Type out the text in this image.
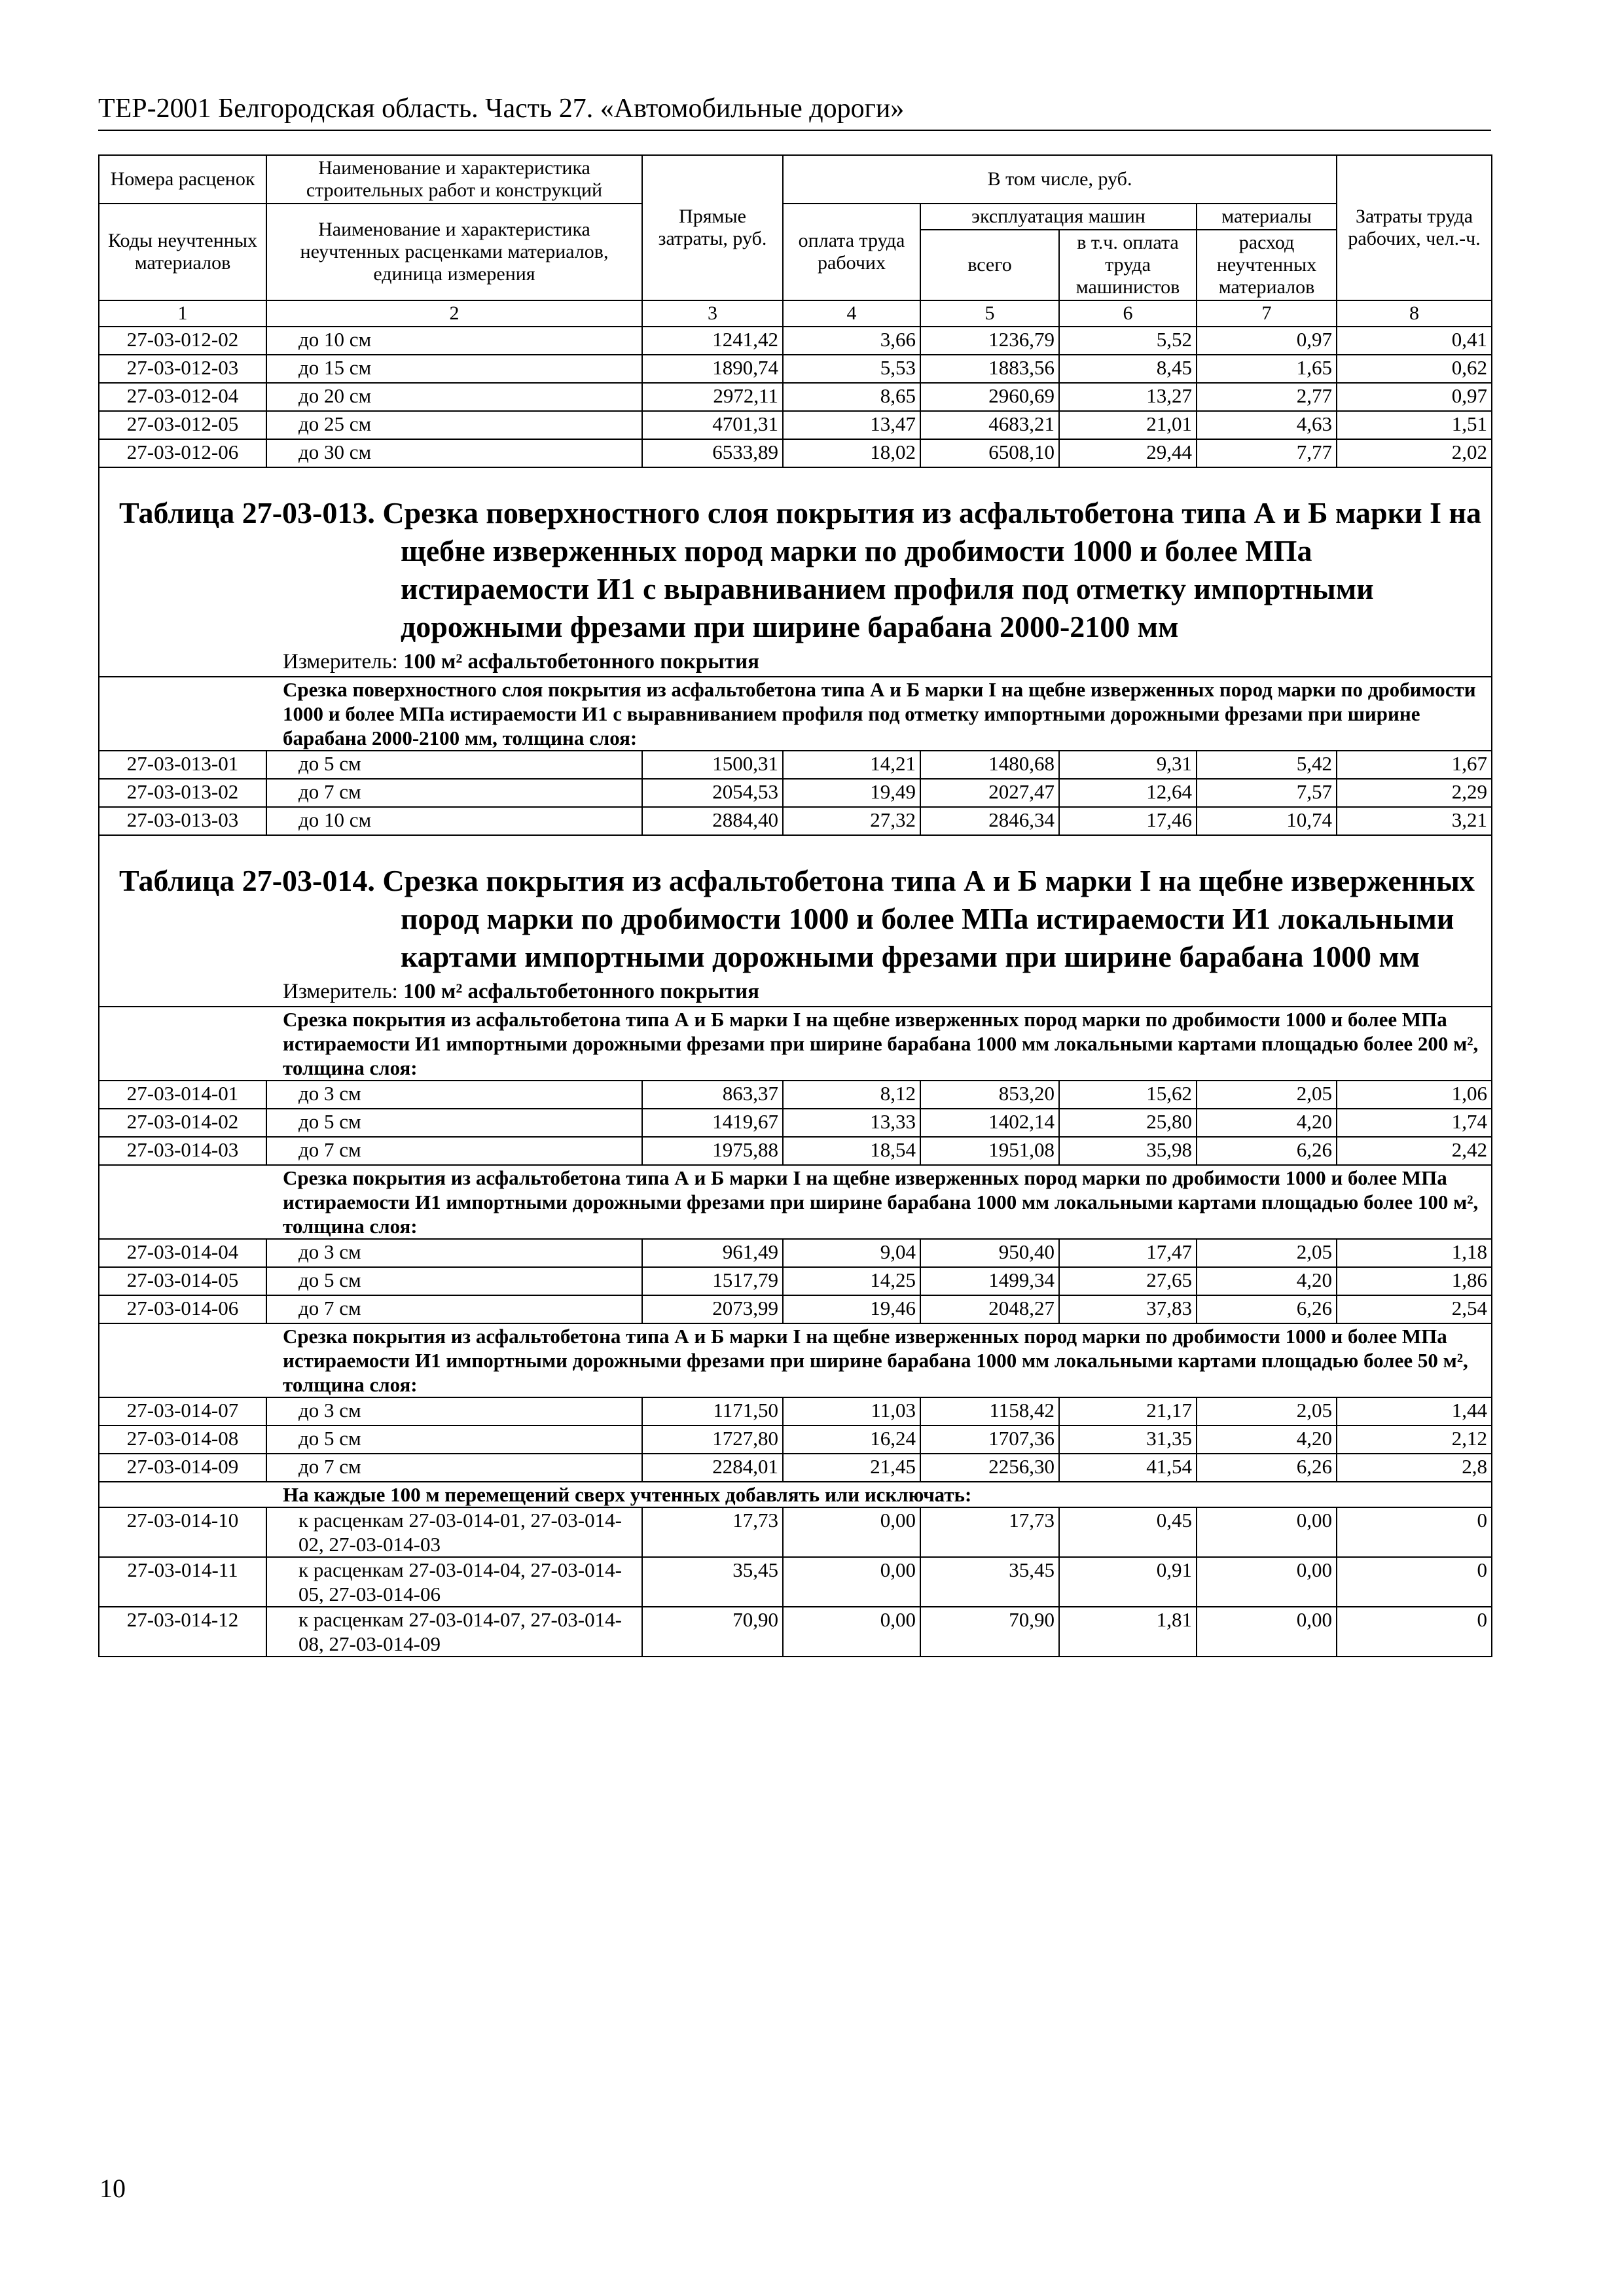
ТЕР-2001 Белгородская область. Часть 27. «Автомобильные дороги»
Номера расценок	Наименование и характеристика строительных работ и конструкций	Прямые затраты, руб.	В том числе, руб.				Затраты труда рабочих, чел.-ч.
Коды неучтенных материалов	Наименование и характеристика неучтенных расценками материалов, единица измерения		оплата труда рабочих	эксплуатация машин		материалы	
				всего	в т.ч. оплата труда машинистов	расход неучтенных материалов	

1	2	3	4	5	6	7	8
27-03-012-02	до 10 см	1241,42	3,66	1236,79	5,52	0,97	0,41
27-03-012-03	до 15 см	1890,74	5,53	1883,56	8,45	1,65	0,62
27-03-012-04	до 20 см	2972,11	8,65	2960,69	13,27	2,77	0,97
27-03-012-05	до 25 см	4701,31	13,47	4683,21	21,01	4,63	1,51
27-03-012-06	до 30 см	6533,89	18,02	6508,10	29,44	7,77	2,02

Таблица 27-03-013. Срезка поверхностного слоя покрытия из асфальтобетона типа А и Б марки I на щебне изверженных пород марки по дробимости 1000 и более МПа истираемости И1 с выравниванием профиля под отметку импортными дорожными фрезами при ширине барабана 2000-2100 мм							

Измеритель: 100 м² асфальтобетонного покрытия							
Срезка поверхностного слоя покрытия из асфальтобетона типа А и Б марки I на щебне изверженных пород марки по дробимости 1000 и более МПа истираемости И1 с выравниванием профиля под отметку импортными дорожными фрезами при ширине барабана 2000-2100 мм, толщина слоя:							
27-03-013-01	до 5 см	1500,31	14,21	1480,68	9,31	5,42	1,67
27-03-013-02	до 7 см	2054,53	19,49	2027,47	12,64	7,57	2,29
27-03-013-03	до 10 см	2884,40	27,32	2846,34	17,46	10,74	3,21

Таблица 27-03-014. Срезка покрытия из асфальтобетона типа А и Б марки I на щебне изверженных пород марки по дробимости 1000 и более МПа истираемости И1 локальными картами импортными дорожными фрезами при ширине барабана 1000 мм							

Измеритель: 100 м² асфальтобетонного покрытия							
Срезка покрытия из асфальтобетона типа А и Б марки I на щебне изверженных пород марки по дробимости 1000 и более МПа истираемости И1 импортными дорожными фрезами при ширине барабана 1000 мм локальными картами площадью более 200 м², толщина слоя:							
27-03-014-01	до 3 см	863,37	8,12	853,20	15,62	2,05	1,06
27-03-014-02	до 5 см	1419,67	13,33	1402,14	25,80	4,20	1,74
27-03-014-03	до 7 см	1975,88	18,54	1951,08	35,98	6,26	2,42
Срезка покрытия из асфальтобетона типа А и Б марки I на щебне изверженных пород марки по дробимости 1000 и более МПа истираемости И1 импортными дорожными фрезами при ширине барабана 1000 мм локальными картами площадью более 100 м², толщина слоя:							
27-03-014-04	до 3 см	961,49	9,04	950,40	17,47	2,05	1,18
27-03-014-05	до 5 см	1517,79	14,25	1499,34	27,65	4,20	1,86
27-03-014-06	до 7 см	2073,99	19,46	2048,27	37,83	6,26	2,54
Срезка покрытия из асфальтобетона типа А и Б марки I на щебне изверженных пород марки по дробимости 1000 и более МПа истираемости И1 импортными дорожными фрезами при ширине барабана 1000 мм локальными картами площадью более 50 м², толщина слоя:							
27-03-014-07	до 3 см	1171,50	11,03	1158,42	21,17	2,05	1,44
27-03-014-08	до 5 см	1727,80	16,24	1707,36	31,35	4,20	2,12
27-03-014-09	до 7 см	2284,01	21,45	2256,30	41,54	6,26	2,8
На каждые 100 м перемещений сверх учтенных добавлять или исключать:							
27-03-014-10	к расценкам 27-03-014-01, 27-03-014-02, 27-03-014-03	17,73	0,00	17,73	0,45	0,00	0
27-03-014-11	к расценкам 27-03-014-04, 27-03-014-05, 27-03-014-06	35,45	0,00	35,45	0,91	0,00	0
27-03-014-12	к расценкам 27-03-014-07, 27-03-014-08, 27-03-014-09	70,90	0,00	70,90	1,81	0,00	0
10
